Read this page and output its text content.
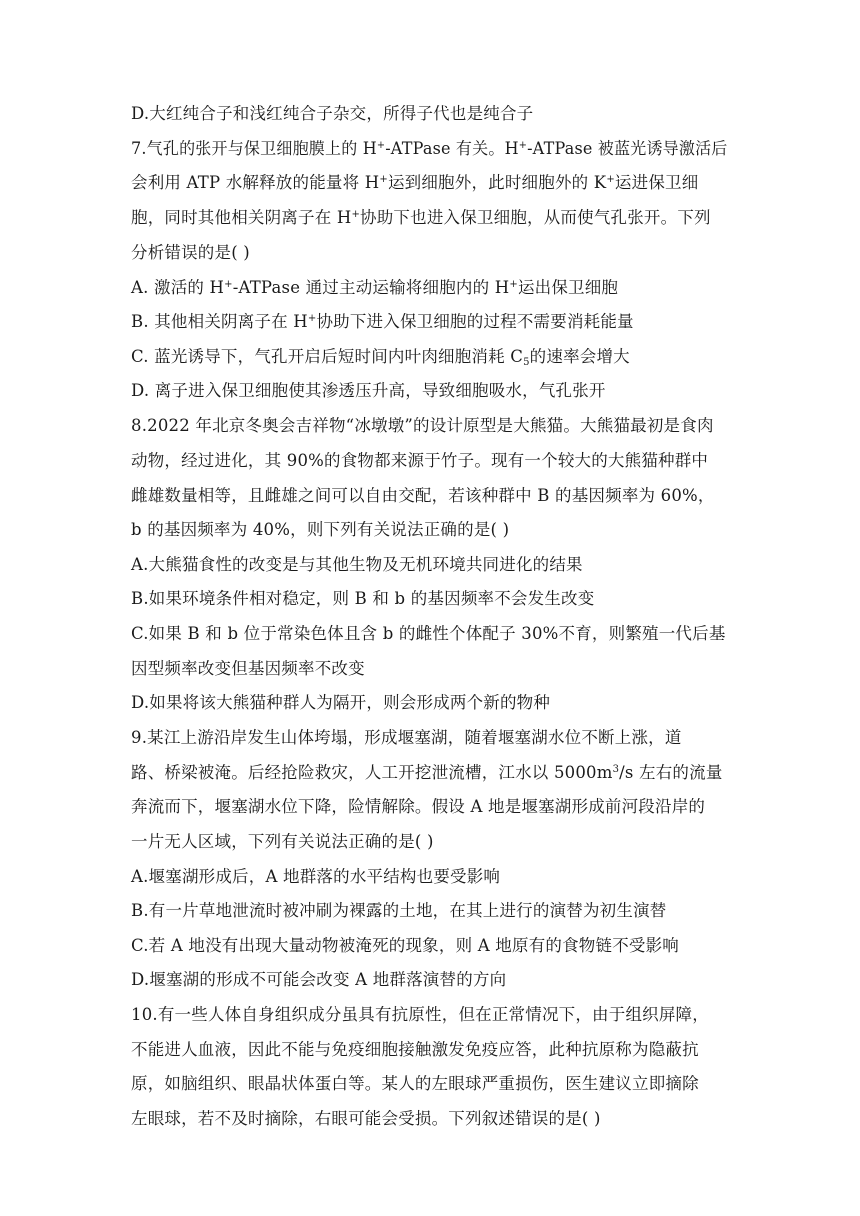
D.大红纯合子和浅红纯合子杂交，所得子代也是纯合子
7.气孔的张开与保卫细胞膜上的 H+-ATPase 有关。H+-ATPase 被蓝光诱导激活后
会利用 ATP 水解释放的能量将 H+运到细胞外，此时细胞外的 K+运进保卫细
胞，同时其他相关阴离子在 H+协助下也进入保卫细胞，从而使气孔张开。下列
分析错误的是( )
A. 激活的 H+-ATPase 通过主动运输将细胞内的 H+运出保卫细胞
B. 其他相关阴离子在 H+协助下进入保卫细胞的过程不需要消耗能量
C. 蓝光诱导下，气孔开启后短时间内叶肉细胞消耗 $C_5$的速率会增大
D. 离子进入保卫细胞使其渗透压升高，导致细胞吸水，气孔张开
8.2022 年北京冬奥会吉祥物“冰墩墩”的设计原型是大熊猫。大熊猫最初是食肉
动物，经过进化，其 90%的食物都来源于竹子。现有一个较大的大熊猫种群中
雌雄数量相等，且雌雄之间可以自由交配，若该种群中 B 的基因频率为 60%，
b 的基因频率为 40%，则下列有关说法正确的是( )
A.大熊猫食性的改变是与其他生物及无机环境共同进化的结果
B.如果环境条件相对稳定，则 B 和 b 的基因频率不会发生改变
C.如果 B 和 b 位于常染色体且含 b 的雌性个体配子 30%不育，则繁殖一代后基
因型频率改变但基因频率不改变
D.如果将该大熊猫种群人为隔开，则会形成两个新的物种
9.某江上游沿岸发生山体垮塌，形成堰塞湖，随着堰塞湖水位不断上涨，道
路、桥梁被淹。后经抢险救灾，人工开挖泄流槽，江水以 $5000m^3/s$ 左右的流量
奔流而下，堰塞湖水位下降，险情解除。假设 A 地是堰塞湖形成前河段沿岸的
一片无人区域，下列有关说法正确的是( )
A.堰塞湖形成后，A 地群落的水平结构也要受影响
B.有一片草地泄流时被冲刷为裸露的土地，在其上进行的演替为初生演替
C.若 A 地没有出现大量动物被淹死的现象，则 A 地原有的食物链不受影响
D.堰塞湖的形成不可能会改变 A 地群落演替的方向
10.有一些人体自身组织成分虽具有抗原性，但在正常情况下，由于组织屏障，
不能进人血液，因此不能与免疫细胞接触激发免疫应答，此种抗原称为隐蔽抗
原，如脑组织、眼晶状体蛋白等。某人的左眼球严重损伤，医生建议立即摘除
左眼球，若不及时摘除，右眼可能会受损。下列叙述错误的是( )
